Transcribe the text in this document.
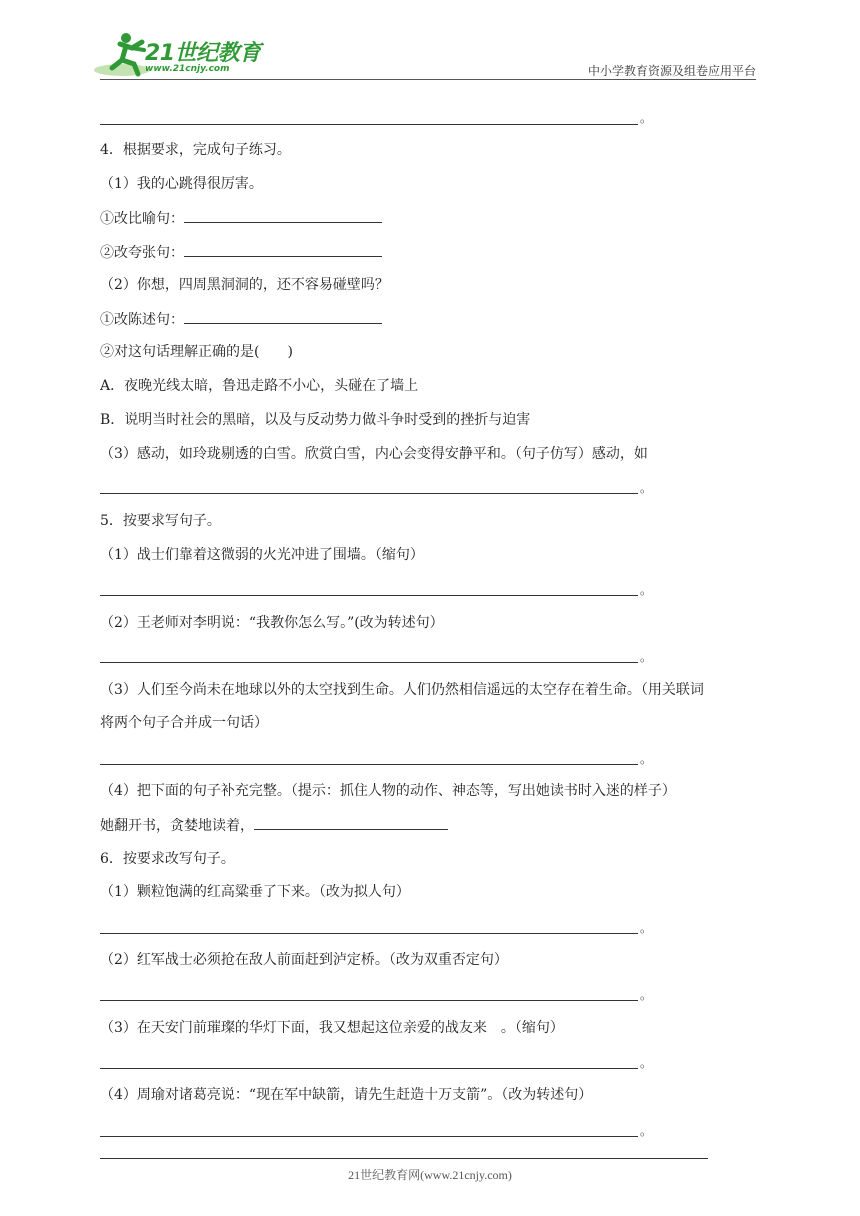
21世纪教育
www.21cnjy.com	中小学教育资源及组卷应用平台
。
4．根据要求，完成句子练习。
（1）我的心跳得很厉害。
①改比喻句：
②改夸张句：
（2）你想，四周黑洞洞的，还不容易碰壁吗？
①改陈述句：
②对这句话理解正确的是(　　)
A．夜晚光线太暗，鲁迅走路不小心，头碰在了墙上
B．说明当时社会的黑暗，以及与反动势力做斗争时受到的挫折与迫害
（3）感动，如玲珑剔透的白雪。欣赏白雪，内心会变得安静平和。（句子仿写）感动，如
。
5．按要求写句子。
（1）战士们靠着这微弱的火光冲进了围墙。（缩句）
。
（2）王老师对李明说：“我教你怎么写。”(改为转述句）
。
（3）人们至今尚未在地球以外的太空找到生命。人们仍然相信遥远的太空存在着生命。（用关联词
将两个句子合并成一句话）
。
（4）把下面的句子补充完整。（提示：抓住人物的动作、神态等，写出她读书时入迷的样子）
她翻开书，贪婪地读着，
6．按要求改写句子。
（1）颗粒饱满的红高粱垂了下来。（改为拟人句）
。
（2）红军战士必须抢在敌人前面赶到泸定桥。（改为双重否定句）
。
（3）在天安门前璀璨的华灯下面，我又想起这位亲爱的战友来　。（缩句）
。
（4）周瑜对诸葛亮说：“现在军中缺箭，请先生赶造十万支箭”。（改为转述句）
。
21世纪教育网(www.21cnjy.com)
